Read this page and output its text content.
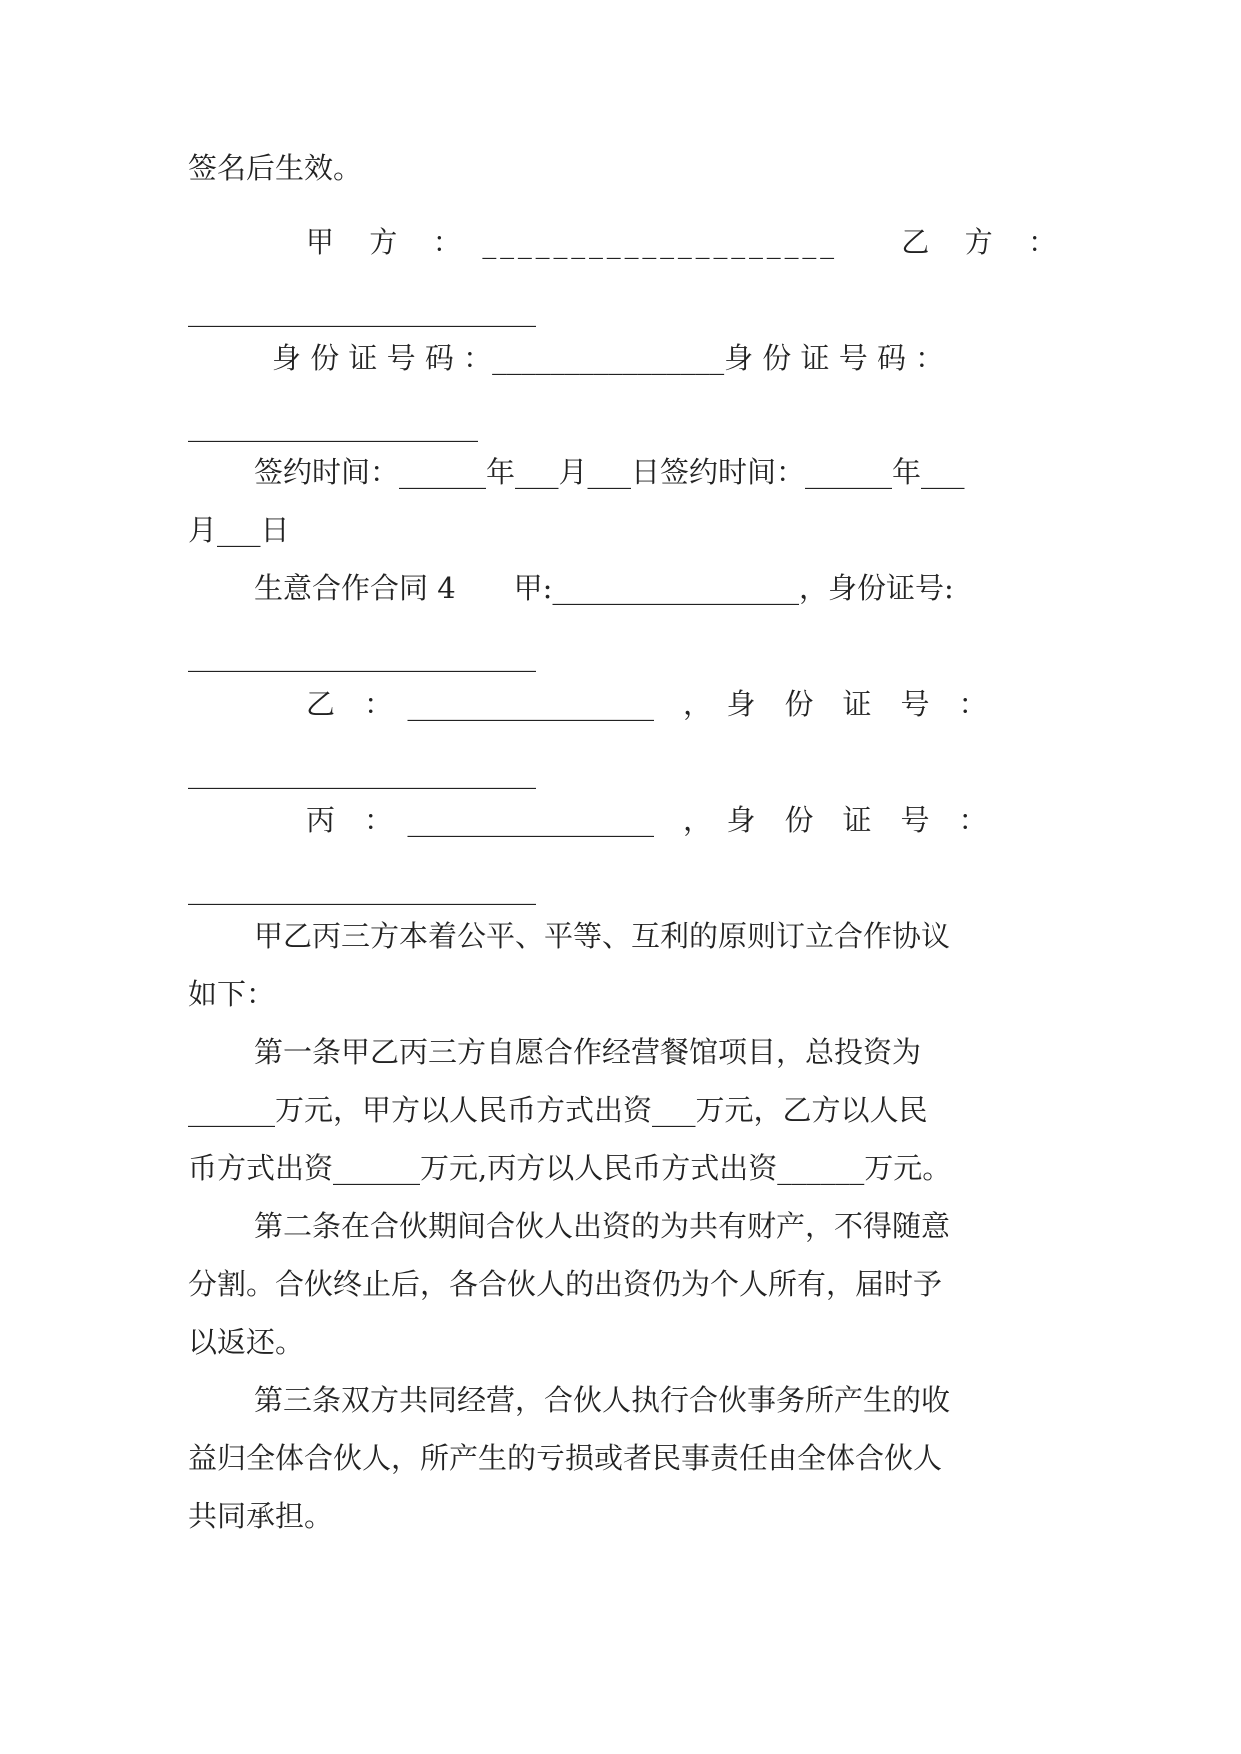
签名后生效。
甲　方　：　____________________　　乙　方　：
________________________
身 份 证 号 码 ：________________身 份 证 号 码 ：
____________________
签约时间：______年___月___日签约时间：______年___
月___日
生意合作合同 4　　甲:_________________，身份证号:
________________________
乙　：　_________________　，　身　份　证　号　：
________________________
丙　：　_________________　，　身　份　证　号　：
________________________
甲乙丙三方本着公平、平等、互利的原则订立合作协议
如下：
第一条甲乙丙三方自愿合作经营餐馆项目，总投资为
______万元，甲方以人民币方式出资___万元，乙方以人民
币方式出资______万元,丙方以人民币方式出资______万元。
第二条在合伙期间合伙人出资的为共有财产，不得随意
分割。合伙终止后，各合伙人的出资仍为个人所有，届时予
以返还。
第三条双方共同经营，合伙人执行合伙事务所产生的收
益归全体合伙人，所产生的亏损或者民事责任由全体合伙人
共同承担。
